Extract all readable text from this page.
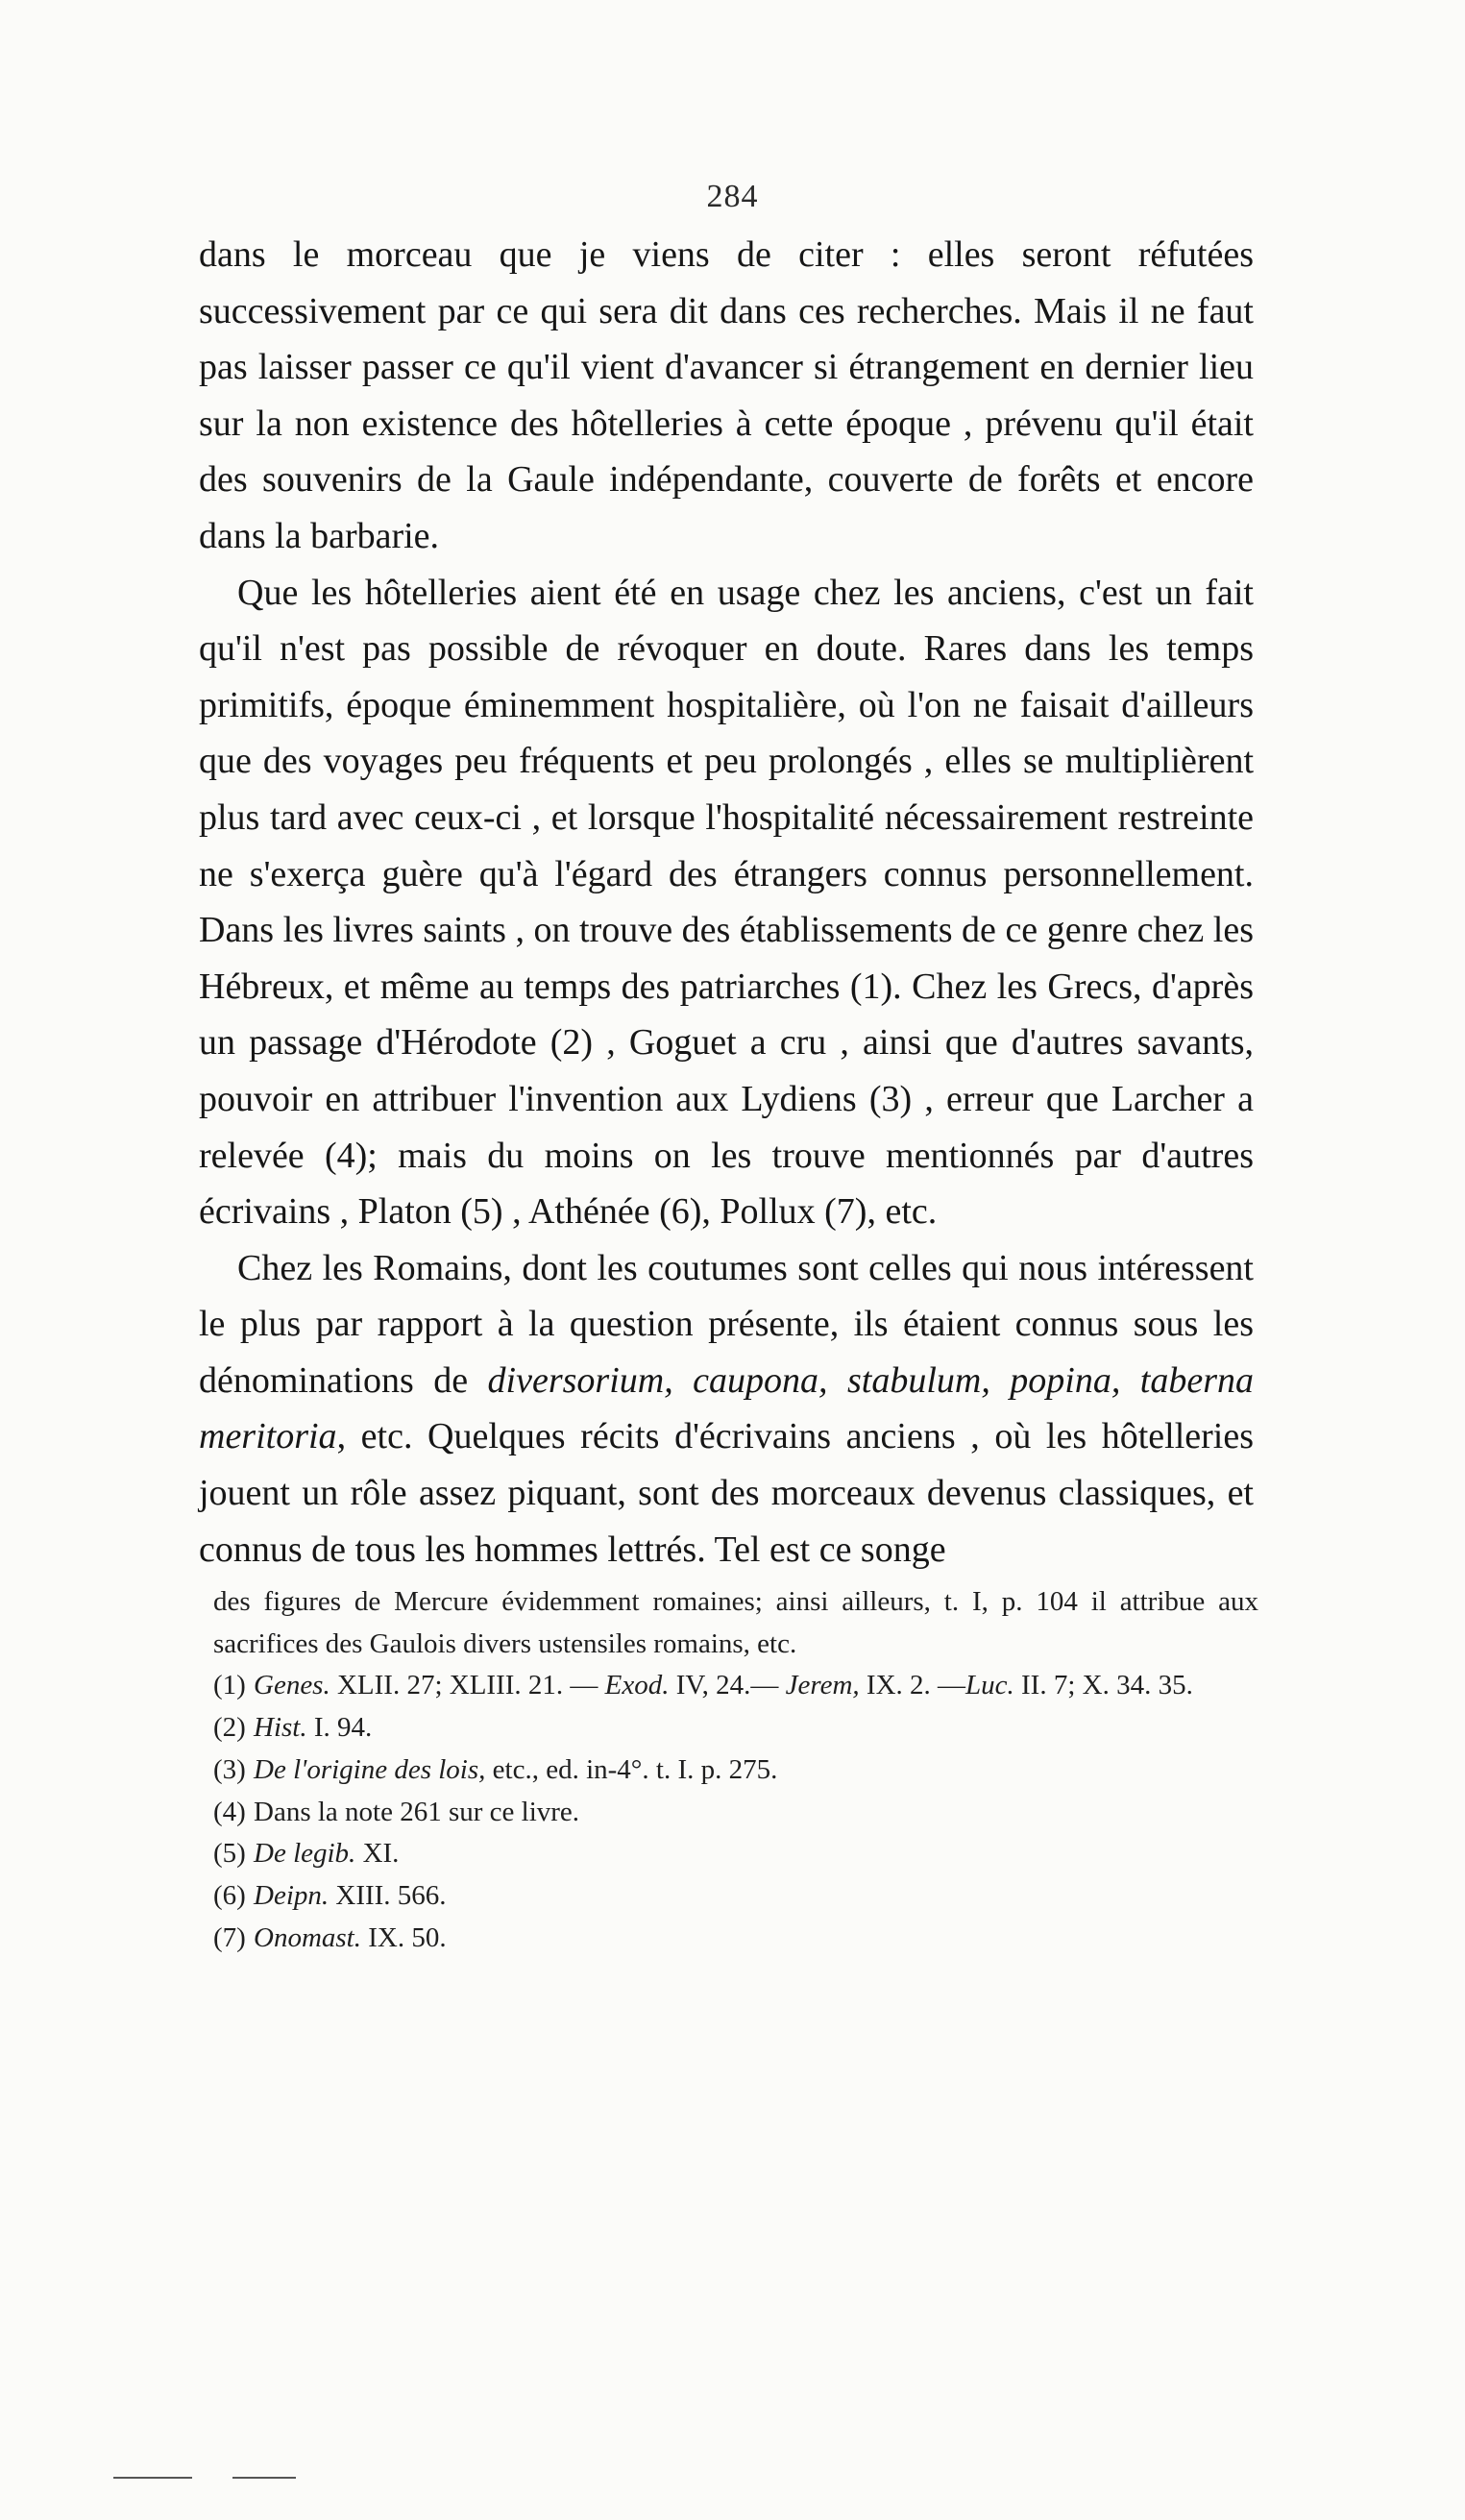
284

dans le morceau que je viens de citer : elles seront réfutées successivement par ce qui sera dit dans ces recherches. Mais il ne faut pas laisser passer ce qu'il vient d'avancer si étrangement en dernier lieu sur la non existence des hôtelleries à cette époque , prévenu qu'il était des souvenirs de la Gaule indépendante, couverte de forêts et encore dans la barbarie.

Que les hôtelleries aient été en usage chez les anciens, c'est un fait qu'il n'est pas possible de révoquer en doute. Rares dans les temps primitifs, époque éminemment hospitalière, où l'on ne faisait d'ailleurs que des voyages peu fréquents et peu prolongés , elles se multiplièrent plus tard avec ceux-ci , et lorsque l'hospitalité nécessairement restreinte ne s'exerça guère qu'à l'égard des étrangers connus personnellement. Dans les livres saints , on trouve des établissements de ce genre chez les Hébreux, et même au temps des patriarches (1). Chez les Grecs, d'après un passage d'Hérodote (2) , Goguet a cru , ainsi que d'autres savants, pouvoir en attribuer l'invention aux Lydiens (3) , erreur que Larcher a relevée (4); mais du moins on les trouve mentionnés par d'autres écrivains , Platon (5) , Athénée (6), Pollux (7), etc.

Chez les Romains, dont les coutumes sont celles qui nous intéressent le plus par rapport à la question présente, ils étaient connus sous les dénominations de diversorium, caupona, stabulum, popina, taberna meritoria, etc. Quelques récits d'écrivains anciens , où les hôtelleries jouent un rôle assez piquant, sont des morceaux devenus classiques, et connus de tous les hommes lettrés. Tel est ce songe

des figures de Mercure évidemment romaines; ainsi ailleurs, t. I, p. 104 il attribue aux sacrifices des Gaulois divers ustensiles romains, etc.

(1) Genes. XLII. 27; XLIII. 21. — Exod. IV, 24.— Jerem, IX. 2. —Luc. II. 7; X. 34. 35.

(2) Hist. I. 94.

(3) De l'origine des lois, etc., ed. in-4°. t. I. p. 275.

(4) Dans la note 261 sur ce livre.

(5) De legib. XI.

(6) Deipn. XIII. 566.

(7) Onomast. IX. 50.
